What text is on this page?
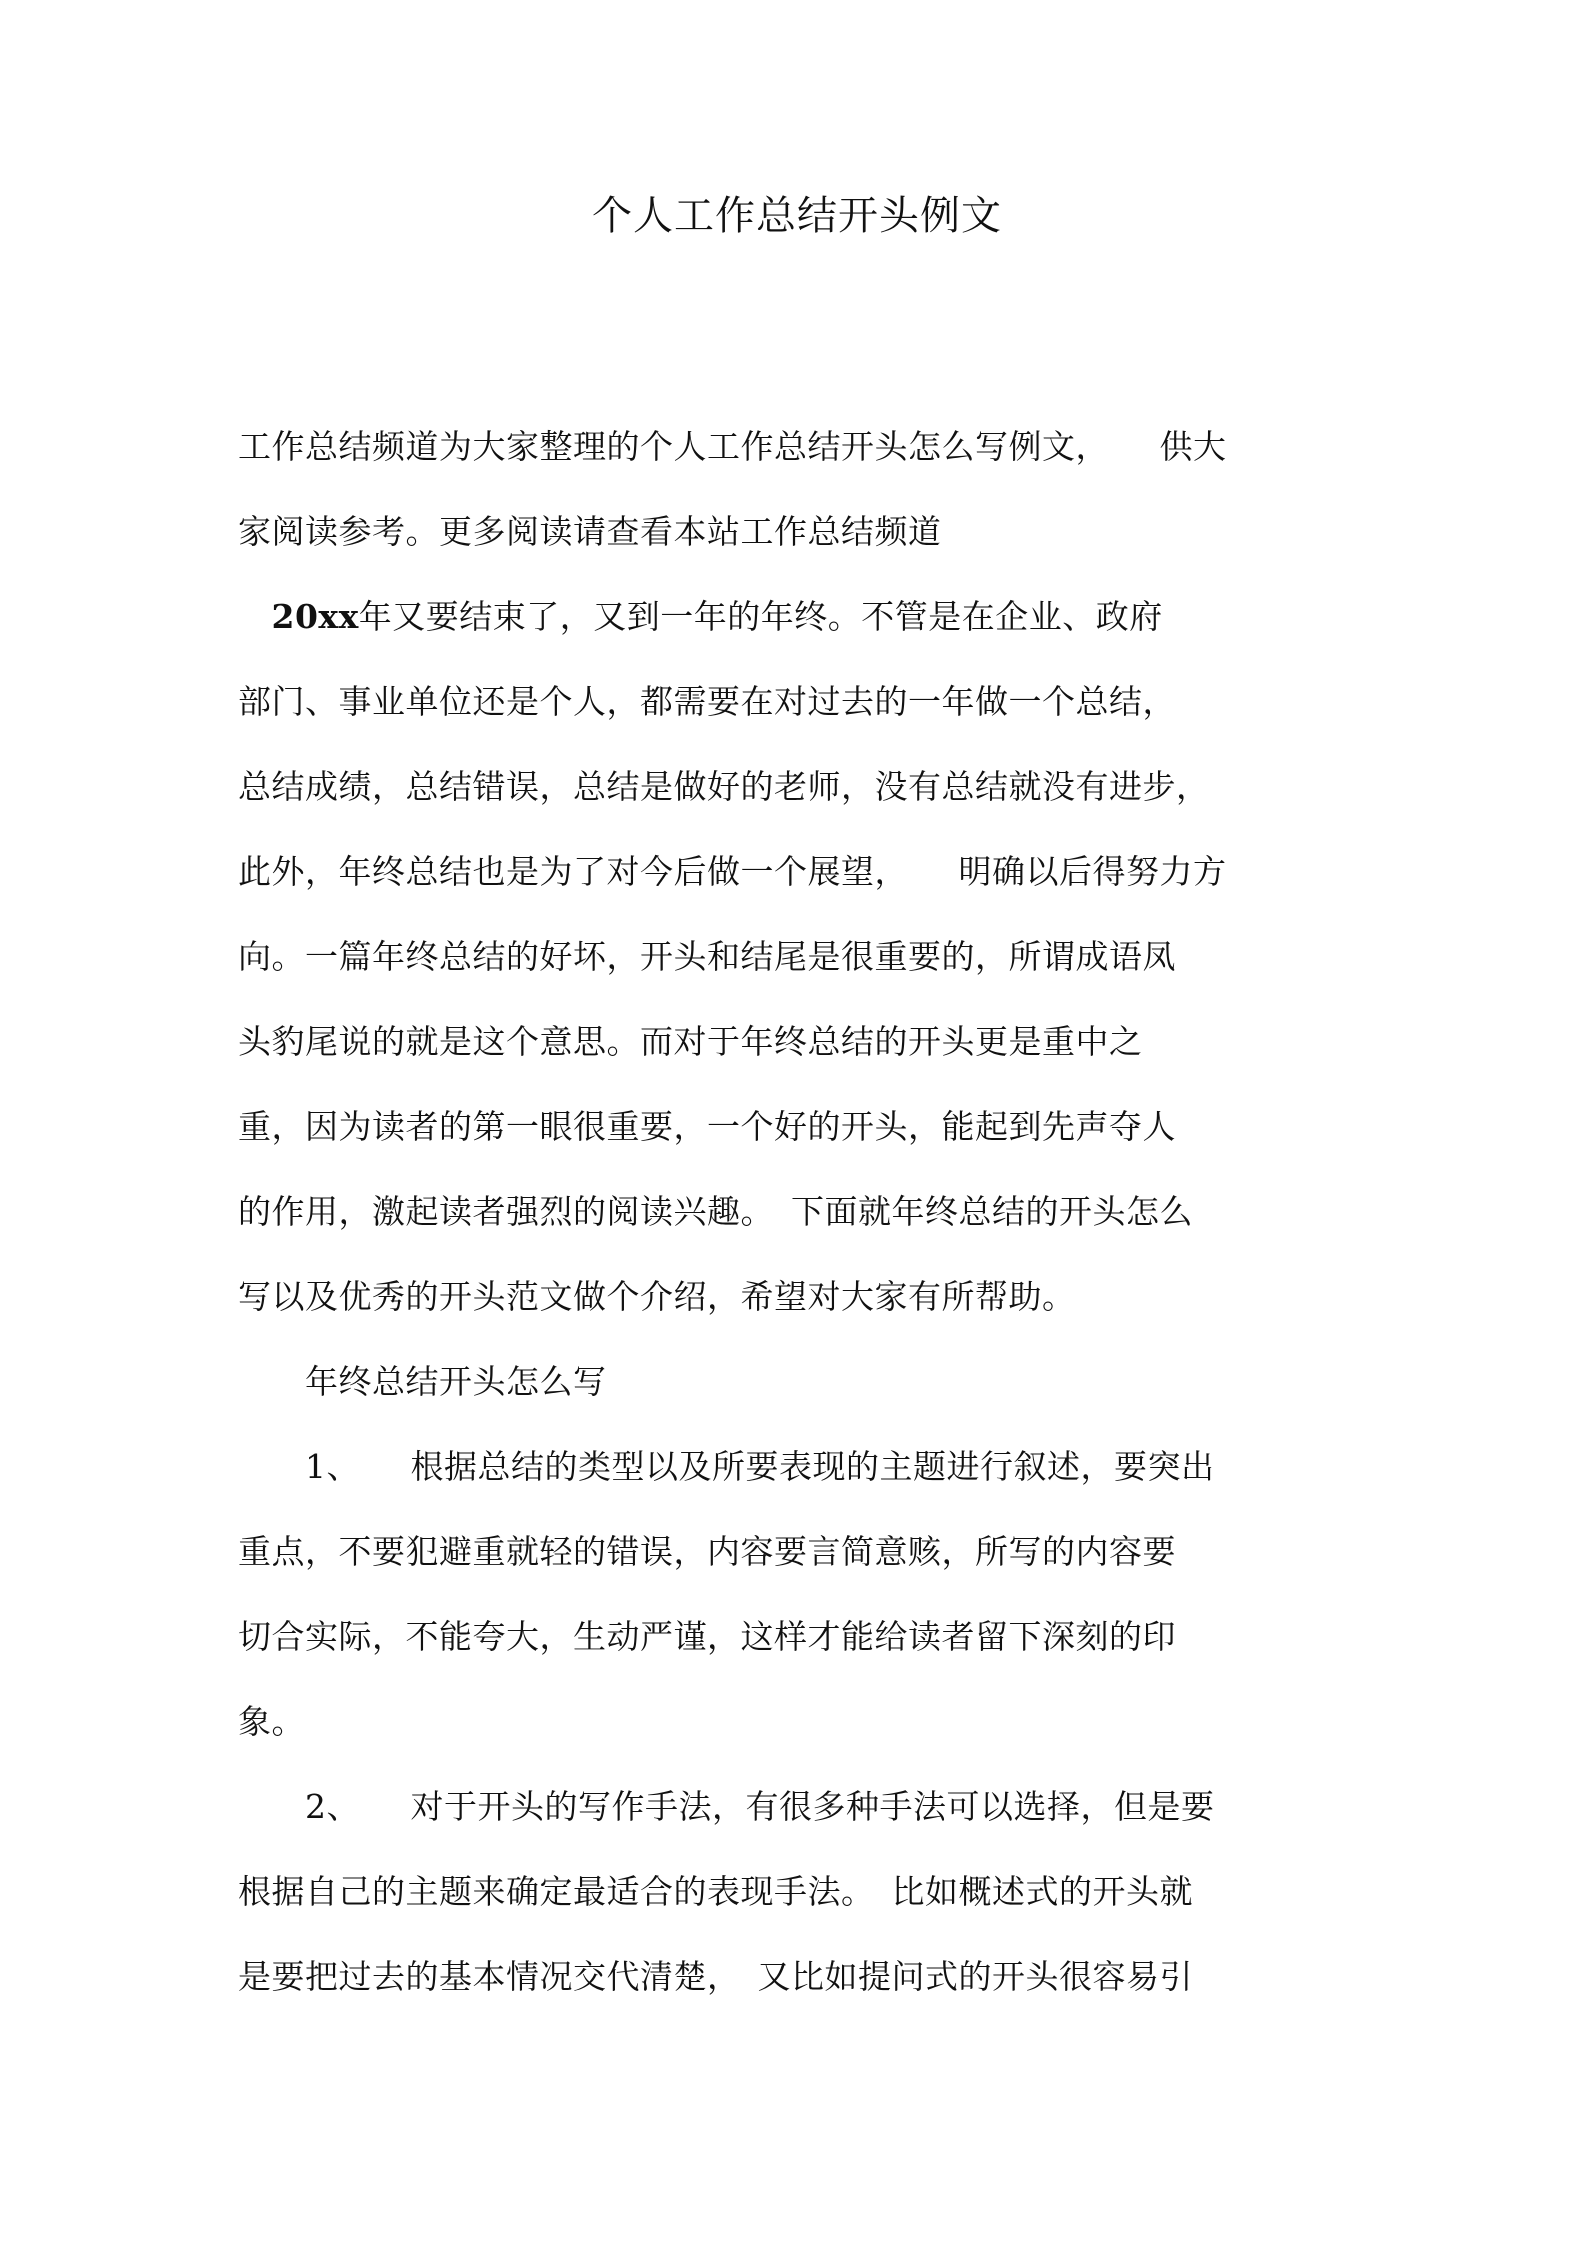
个人工作总结开头例文
工作总结频道为大家整理的个人工作总结开头怎么写例文，　　供大
家阅读参考。更多阅读请查看本站工作总结频道
　20xx年又要结束了，又到一年的年终。不管是在企业、政府
部门、事业单位还是个人，都需要在对过去的一年做一个总结，
总结成绩，总结错误，总结是做好的老师，没有总结就没有进步，
此外，年终总结也是为了对今后做一个展望，　　明确以后得努力方
向。一篇年终总结的好坏，开头和结尾是很重要的，所谓成语凤
头豹尾说的就是这个意思。而对于年终总结的开头更是重中之
重，因为读者的第一眼很重要，一个好的开头，能起到先声夺人
的作用，激起读者强烈的阅读兴趣。　下面就年终总结的开头怎么
写以及优秀的开头范文做个介绍，希望对大家有所帮助。
　　年终总结开头怎么写
　　1、　　根据总结的类型以及所要表现的主题进行叙述，要突出
重点，不要犯避重就轻的错误，内容要言简意赅，所写的内容要
切合实际，不能夸大，生动严谨，这样才能给读者留下深刻的印
象。
　　2、　　对于开头的写作手法，有很多种手法可以选择，但是要
根据自己的主题来确定最适合的表现手法。　比如概述式的开头就
是要把过去的基本情况交代清楚，　又比如提问式的开头很容易引
